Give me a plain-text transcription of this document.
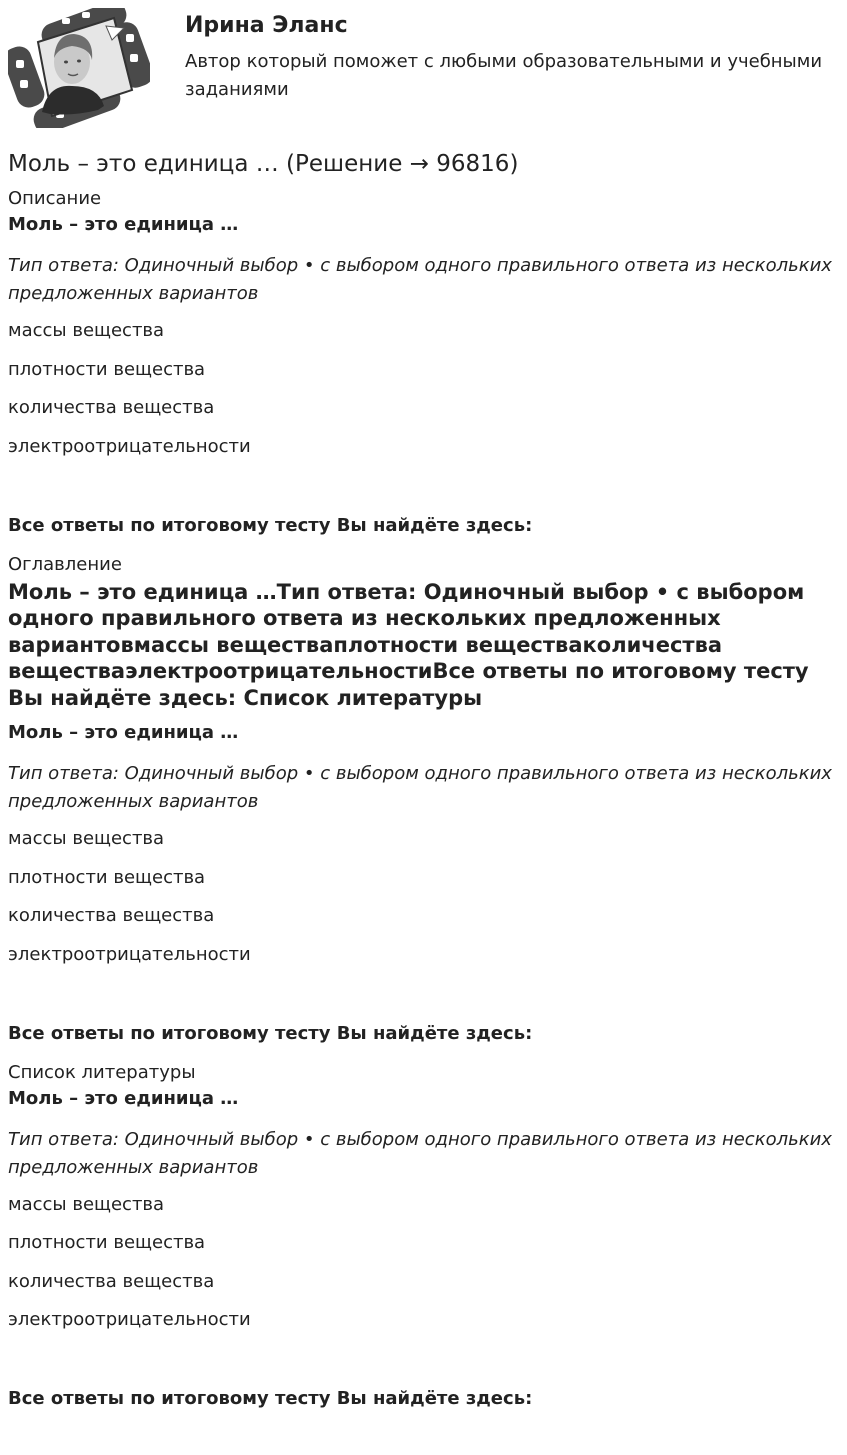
Ирина Эланс

Автор который поможет с любыми образовательными и учебными заданиями

Моль – это единица … (Решение → 96816)

Описание

Моль – это единица …

Тип ответа: Одиночный выбор • с выбором одного правильного ответа из нескольких предложенных вариантов

массы вещества

плотности вещества

количества вещества

электроотрицательности

Все ответы по итоговому тесту Вы найдёте здесь:

Оглавление

Моль – это единица …Тип ответа: Одиночный выбор • с выбором одного правильного ответа из нескольких предложенных вариантовмассы веществаплотности веществаколичества веществаэлектроотрицательностиВсе ответы по итоговому тесту Вы найдёте здесь: Список литературы

Моль – это единица …

Тип ответа: Одиночный выбор • с выбором одного правильного ответа из нескольких предложенных вариантов

массы вещества

плотности вещества

количества вещества

электроотрицательности

Все ответы по итоговому тесту Вы найдёте здесь:

Список литературы

Моль – это единица …

Тип ответа: Одиночный выбор • с выбором одного правильного ответа из нескольких предложенных вариантов

массы вещества

плотности вещества

количества вещества

электроотрицательности

Все ответы по итоговому тесту Вы найдёте здесь:
